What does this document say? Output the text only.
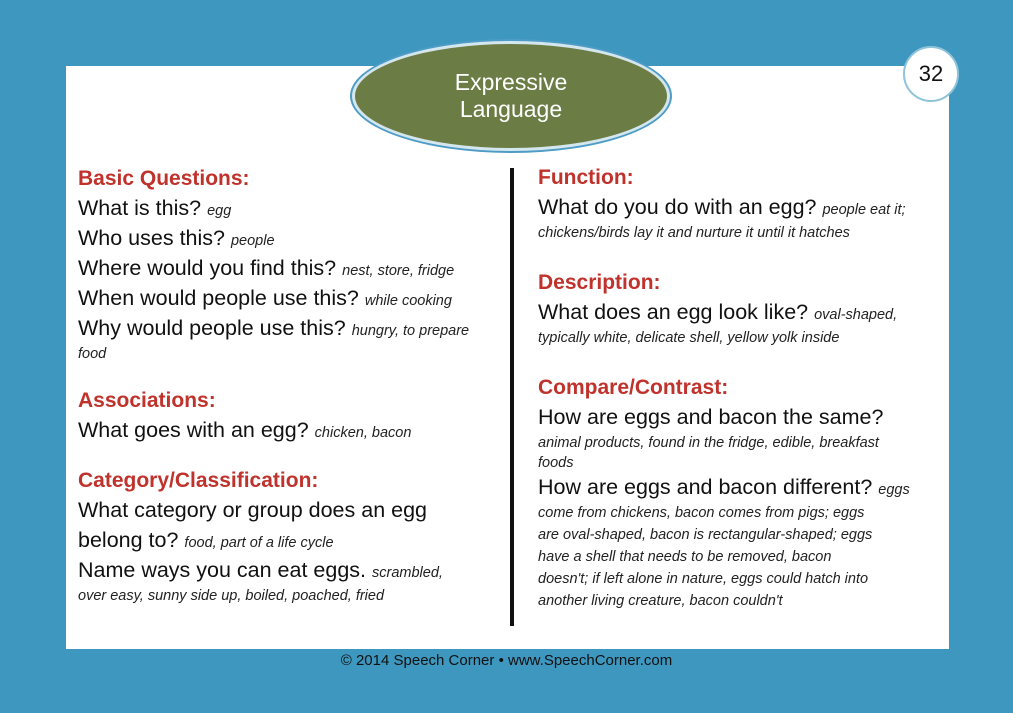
Expressive
Language
32

Basic Questions:

What is this? egg

Who uses this? people

Where would you find this? nest, store, fridge

When would people use this? while cooking

Why would people use this? hungry, to prepare

food

Associations:

What goes with an egg? chicken, bacon

Category/Classification:

What category or group does an egg

belong to? food, part of a life cycle

Name ways you can eat eggs. scrambled,

over easy, sunny side up, boiled, poached, fried

Function:

What do you do with an egg? people eat it;

chickens/birds lay it and nurture it until it hatches

Description:

What does an egg look like? oval-shaped,

typically white, delicate shell, yellow yolk inside

Compare/Contrast:

How are eggs and bacon the same?

animal products, found in the fridge, edible, breakfast

foods

How are eggs and bacon different? eggs

come from chickens, bacon comes from pigs; eggs

are oval-shaped, bacon is rectangular-shaped; eggs

have a shell that needs to be removed, bacon

doesn't; if left alone in nature, eggs could hatch into

another living creature, bacon couldn't

© 2014 Speech Corner • www.SpeechCorner.com
